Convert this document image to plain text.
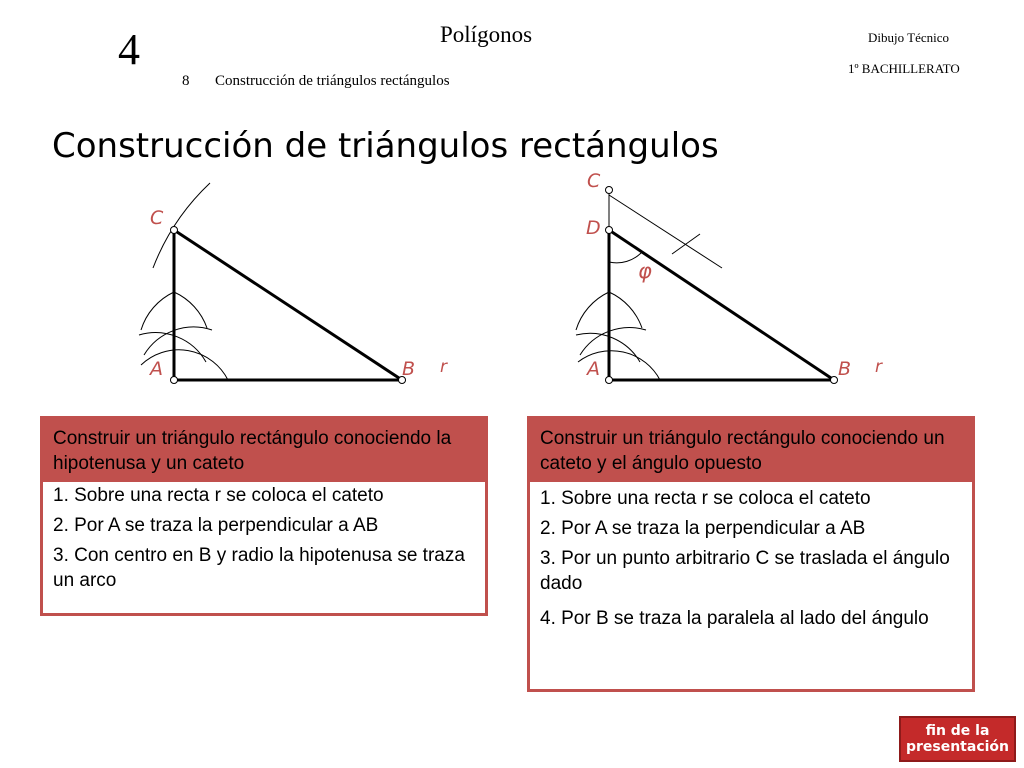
4	Polígonos	Dibujo Técnico
1º BACHILLERATO
8 Construcción de triángulos rectángulos
Construcción de triángulos rectángulos
C
A	B r
C
D
φ
A	B r
Construir un triángulo rectángulo conociendo la hipotenusa y un cateto
1. Sobre una recta r se coloca el cateto
2. Por A se traza la perpendicular a AB
3. Con centro en B y radio la hipotenusa se traza un arco
Construir un triángulo rectángulo conociendo un cateto y el ángulo opuesto
1. Sobre una recta r se coloca el cateto
2. Por A se traza la perpendicular a AB
3. Por un punto arbitrario C se traslada el ángulo dado
4. Por B se traza la paralela al lado del ángulo
fin de la
presentación
